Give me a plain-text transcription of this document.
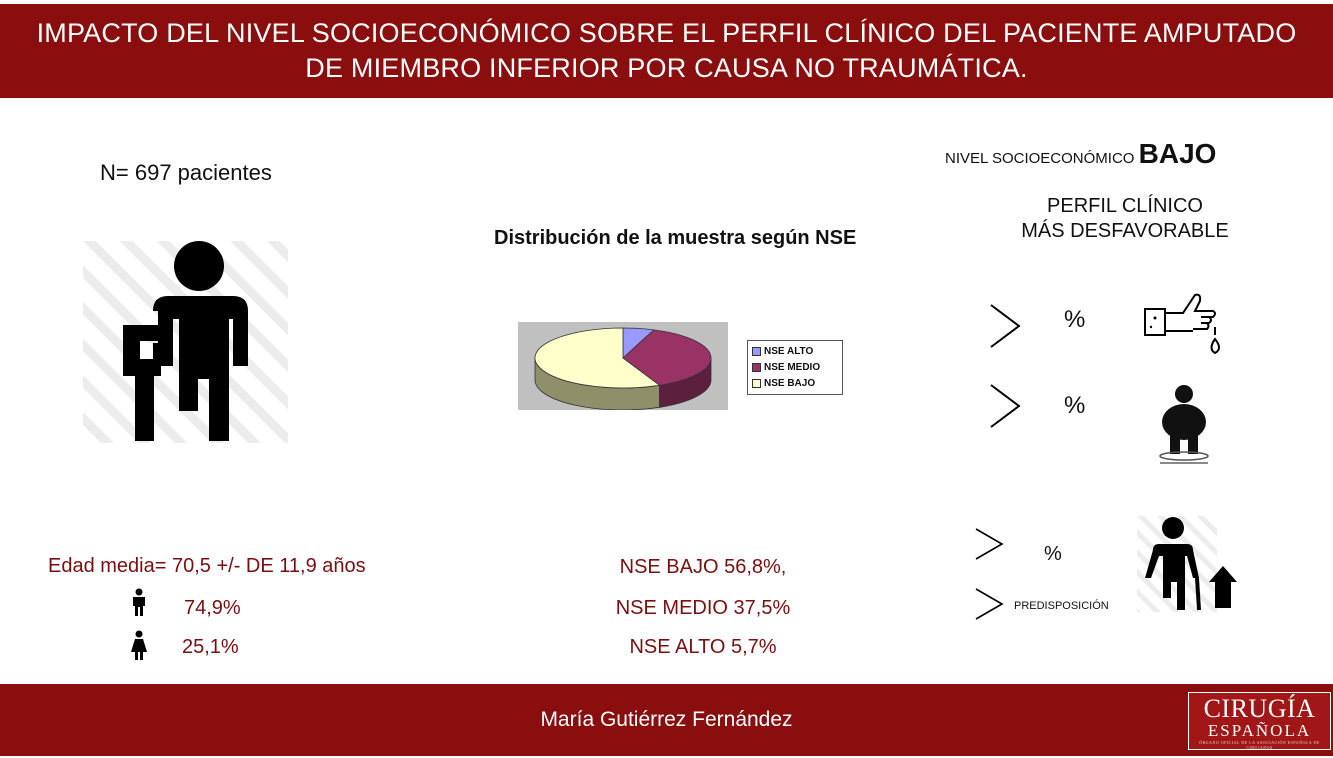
IMPACTO DEL NIVEL SOCIOECONÓMICO SOBRE EL PERFIL CLÍNICO DEL PACIENTE AMPUTADO
DE MIEMBRO INFERIOR POR CAUSA NO TRAUMÁTICA.
N= 697 pacientes
Edad media= 70,5 +/- DE 11,9 años
74,9%
25,1%
Distribución de la muestra según NSE
NSE ALTO
NSE MEDIO
NSE BAJO
NSE BAJO 56,8%,
NSE MEDIO 37,5%
NSE ALTO 5,7%
NIVEL SOCIOECONÓMICO BAJO
PERFIL CLÍNICO
MÁS DESFAVORABLE
%
%
%
PREDISPOSICIÓN
María Gutiérrez Fernández	CIRUGÍA
ESPAÑOLA
ÓRGANO OFICIAL DE LA ASOCIACIÓN ESPAÑOLA DE CIRUJANOS
